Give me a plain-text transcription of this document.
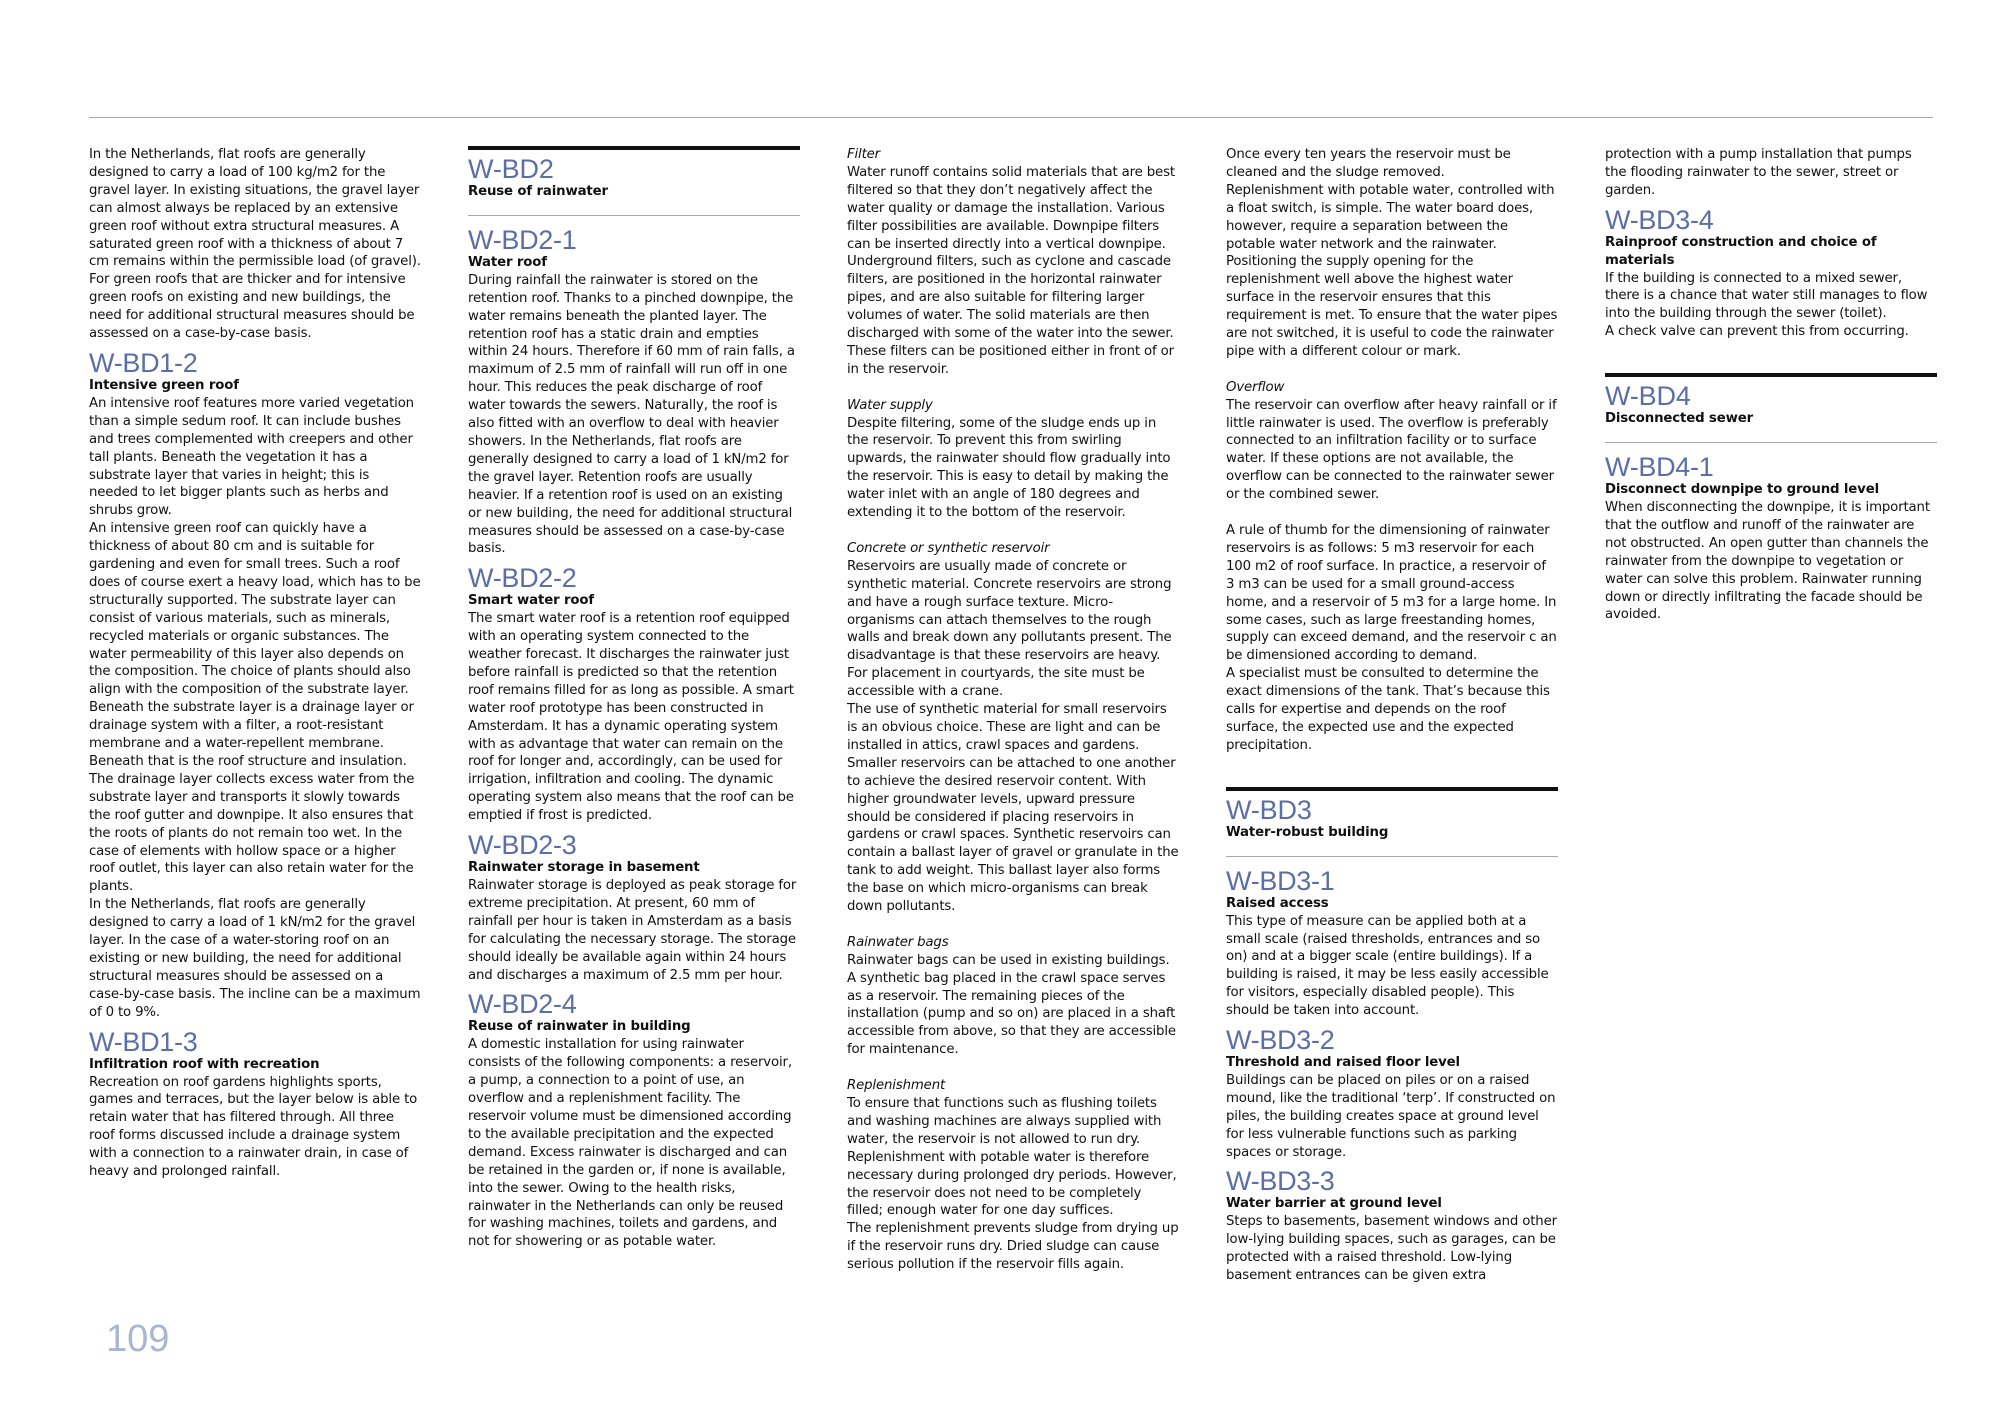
In the Netherlands, flat roofs are generally designed to carry a load of 100 kg/m2 for the gravel layer. In existing situations, the gravel layer can almost always be replaced by an extensive green roof without extra structural measures. A saturated green roof with a thickness of about 7 cm remains within the permissible load (of gravel). For green roofs that are thicker and for intensive green roofs on existing and new buildings, the need for additional structural measures should be assessed on a case-by-case basis.

W-BD1-2

Intensive green roof

An intensive roof features more varied vegetation than a simple sedum roof. It can include bushes and trees complemented with creepers and other tall plants. Beneath the vegetation it has a substrate layer that varies in height; this is needed to let bigger plants such as herbs and shrubs grow.

An intensive green roof can quickly have a thickness of about 80 cm and is suitable for gardening and even for small trees. Such a roof does of course exert a heavy load, which has to be structurally supported. The substrate layer can consist of various materials, such as minerals, recycled materials or organic substances. The water permeability of this layer also depends on the composition. The choice of plants should also align with the composition of the substrate layer. Beneath the substrate layer is a drainage layer or drainage system with a filter, a root-resistant membrane and a water-repellent membrane. Beneath that is the roof structure and insulation. The drainage layer collects excess water from the substrate layer and transports it slowly towards the roof gutter and downpipe. It also ensures that the roots of plants do not remain too wet. In the case of elements with hollow space or a higher roof outlet, this layer can also retain water for the plants.

In the Netherlands, flat roofs are generally designed to carry a load of 1 kN/m2 for the gravel layer. In the case of a water-storing roof on an existing or new building, the need for additional structural measures should be assessed on a case-by-case basis. The incline can be a maximum of 0 to 9%.

W-BD1-3

Infiltration roof with recreation

Recreation on roof gardens highlights sports, games and terraces, but the layer below is able to retain water that has filtered through. All three roof forms discussed include a drainage system with a connection to a rainwater drain, in case of heavy and prolonged rainfall.

W-BD2

Reuse of rainwater

W-BD2-1

Water roof

During rainfall the rainwater is stored on the retention roof. Thanks to a pinched downpipe, the water remains beneath the planted layer. The retention roof has a static drain and empties within 24 hours. Therefore if 60 mm of rain falls, a maximum of 2.5 mm of rainfall will run off in one hour. This reduces the peak discharge of roof water towards the sewers. Naturally, the roof is also fitted with an overflow to deal with heavier showers. In the Netherlands, flat roofs are generally designed to carry a load of 1 kN/m2 for the gravel layer. Retention roofs are usually heavier. If a retention roof is used on an existing or new building, the need for additional structural measures should be assessed on a case-by-case basis.

W-BD2-2

Smart water roof

The smart water roof is a retention roof equipped with an operating system connected to the weather forecast. It discharges the rainwater just before rainfall is predicted so that the retention roof remains filled for as long as possible. A smart water roof prototype has been constructed in Amsterdam. It has a dynamic operating system with as advantage that water can remain on the roof for longer and, accordingly, can be used for irrigation, infiltration and cooling. The dynamic operating system also means that the roof can be emptied if frost is predicted.

W-BD2-3

Rainwater storage in basement

Rainwater storage is deployed as peak storage for extreme precipitation. At present, 60 mm of rainfall per hour is taken in Amsterdam as a basis for calculating the necessary storage. The storage should ideally be available again within 24 hours and discharges a maximum of 2.5 mm per hour.

W-BD2-4

Reuse of rainwater in building

A domestic installation for using rainwater consists of the following components: a reservoir, a pump, a connection to a point of use, an overflow and a replenishment facility. The reservoir volume must be dimensioned according to the available precipitation and the expected demand. Excess rainwater is discharged and can be retained in the garden or, if none is available, into the sewer. Owing to the health risks, rainwater in the Netherlands can only be reused for washing machines, toilets and gardens, and not for showering or as potable water.

Filter

Water runoff contains solid materials that are best filtered so that they don’t negatively affect the water quality or damage the installation. Various filter possibilities are available. Downpipe filters can be inserted directly into a vertical downpipe. Underground filters, such as cyclone and cascade filters, are positioned in the horizontal rainwater pipes, and are also suitable for filtering larger volumes of water. The solid materials are then discharged with some of the water into the sewer. These filters can be positioned either in front of or in the reservoir.

Water supply

Despite filtering, some of the sludge ends up in the reservoir. To prevent this from swirling upwards, the rainwater should flow gradually into the reservoir. This is easy to detail by making the water inlet with an angle of 180 degrees and extending it to the bottom of the reservoir.

Concrete or synthetic reservoir

Reservoirs are usually made of concrete or synthetic material. Concrete reservoirs are strong and have a rough surface texture. Micro-organisms can attach themselves to the rough walls and break down any pollutants present. The disadvantage is that these reservoirs are heavy. For placement in courtyards, the site must be accessible with a crane.

The use of synthetic material for small reservoirs is an obvious choice. These are light and can be installed in attics, crawl spaces and gardens. Smaller reservoirs can be attached to one another to achieve the desired reservoir content. With higher groundwater levels, upward pressure should be considered if placing reservoirs in gardens or crawl spaces. Synthetic reservoirs can contain a ballast layer of gravel or granulate in the tank to add weight. This ballast layer also forms the base on which micro-organisms can break down pollutants.

Rainwater bags

Rainwater bags can be used in existing buildings. A synthetic bag placed in the crawl space serves as a reservoir. The remaining pieces of the installation (pump and so on) are placed in a shaft accessible from above, so that they are accessible for maintenance.

Replenishment

To ensure that functions such as flushing toilets and washing machines are always supplied with water, the reservoir is not allowed to run dry. Replenishment with potable water is therefore necessary during prolonged dry periods. However, the reservoir does not need to be completely filled; enough water for one day suffices.

The replenishment prevents sludge from drying up if the reservoir runs dry. Dried sludge can cause serious pollution if the reservoir fills again.

Once every ten years the reservoir must be cleaned and the sludge removed.

Replenishment with potable water, controlled with a float switch, is simple. The water board does, however, require a separation between the potable water network and the rainwater. Positioning the supply opening for the replenishment well above the highest water surface in the reservoir ensures that this requirement is met. To ensure that the water pipes are not switched, it is useful to code the rainwater pipe with a different colour or mark.

Overflow

The reservoir can overflow after heavy rainfall or if little rainwater is used. The overflow is preferably connected to an infiltration facility or to surface water. If these options are not available, the overflow can be connected to the rainwater sewer or the combined sewer.

A rule of thumb for the dimensioning of rainwater reservoirs is as follows: 5 m3 reservoir for each 100 m2 of roof surface. In practice, a reservoir of 3 m3 can be used for a small ground-access home, and a reservoir of 5 m3 for a large home. In some cases, such as large freestanding homes, supply can exceed demand, and the reservoir c an be dimensioned according to demand.

A specialist must be consulted to determine the exact dimensions of the tank. That’s because this calls for expertise and depends on the roof surface, the expected use and the expected precipitation.

W-BD3

Water-robust building

W-BD3-1

Raised access

This type of measure can be applied both at a small scale (raised thresholds, entrances and so on) and at a bigger scale (entire buildings). If a building is raised, it may be less easily accessible for visitors, especially disabled people). This should be taken into account.

W-BD3-2

Threshold and raised floor level

Buildings can be placed on piles or on a raised mound, like the traditional ‘terp’. If constructed on piles, the building creates space at ground level for less vulnerable functions such as parking spaces or storage.

W-BD3-3

Water barrier at ground level

Steps to basements, basement windows and other low-lying building spaces, such as garages, can be protected with a raised threshold. Low-lying basement entrances can be given extra

protection with a pump installation that pumps the flooding rainwater to the sewer, street or garden.

W-BD3-4

Rainproof construction and choice of materials

If the building is connected to a mixed sewer, there is a chance that water still manages to flow into the building through the sewer (toilet).

A check valve can prevent this from occurring.

W-BD4

Disconnected sewer

W-BD4-1

Disconnect downpipe to ground level

When disconnecting the downpipe, it is important that the outflow and runoff of the rainwater are not obstructed. An open gutter than channels the rainwater from the downpipe to vegetation or water can solve this problem. Rainwater running down or directly infiltrating the facade should be avoided.

109
